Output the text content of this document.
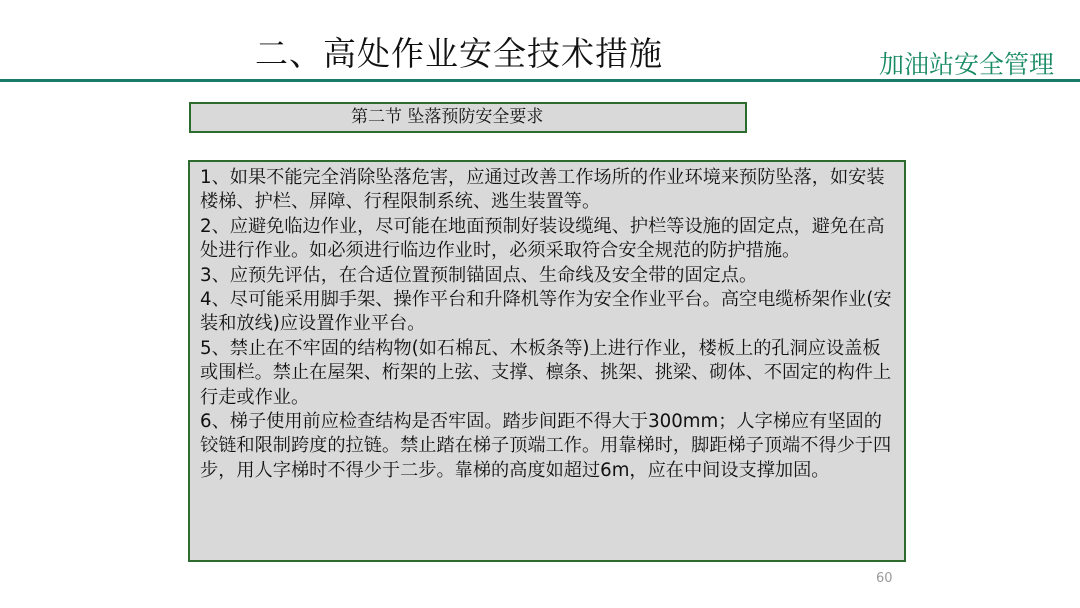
二、高处作业安全技术措施	加油站安全管理
第二节 坠落预防安全要求

1、如果不能完全消除坠落危害，应通过改善工作场所的作业环境来预防坠落，如安装楼梯、护栏、屏障、行程限制系统、逃生装置等。

2、应避免临边作业，尽可能在地面预制好装设缆绳、护栏等设施的固定点，避免在高处进行作业。如必须进行临边作业时，必须采取符合安全规范的防护措施。

3、应预先评估，在合适位置预制锚固点、生命线及安全带的固定点。

4、尽可能采用脚手架、操作平台和升降机等作为安全作业平台。高空电缆桥架作业(安装和放线)应设置作业平台。

5、禁止在不牢固的结构物(如石棉瓦、木板条等)上进行作业，楼板上的孔洞应设盖板或围栏。禁止在屋架、桁架的上弦、支撑、檩条、挑架、挑梁、砌体、不固定的构件上行走或作业。

6、梯子使用前应检查结构是否牢固。踏步间距不得大于300mm；人字梯应有坚固的铰链和限制跨度的拉链。禁止踏在梯子顶端工作。用靠梯时，脚距梯子顶端不得少于四步，用人字梯时不得少于二步。靠梯的高度如超过6m，应在中间设支撑加固。

60
